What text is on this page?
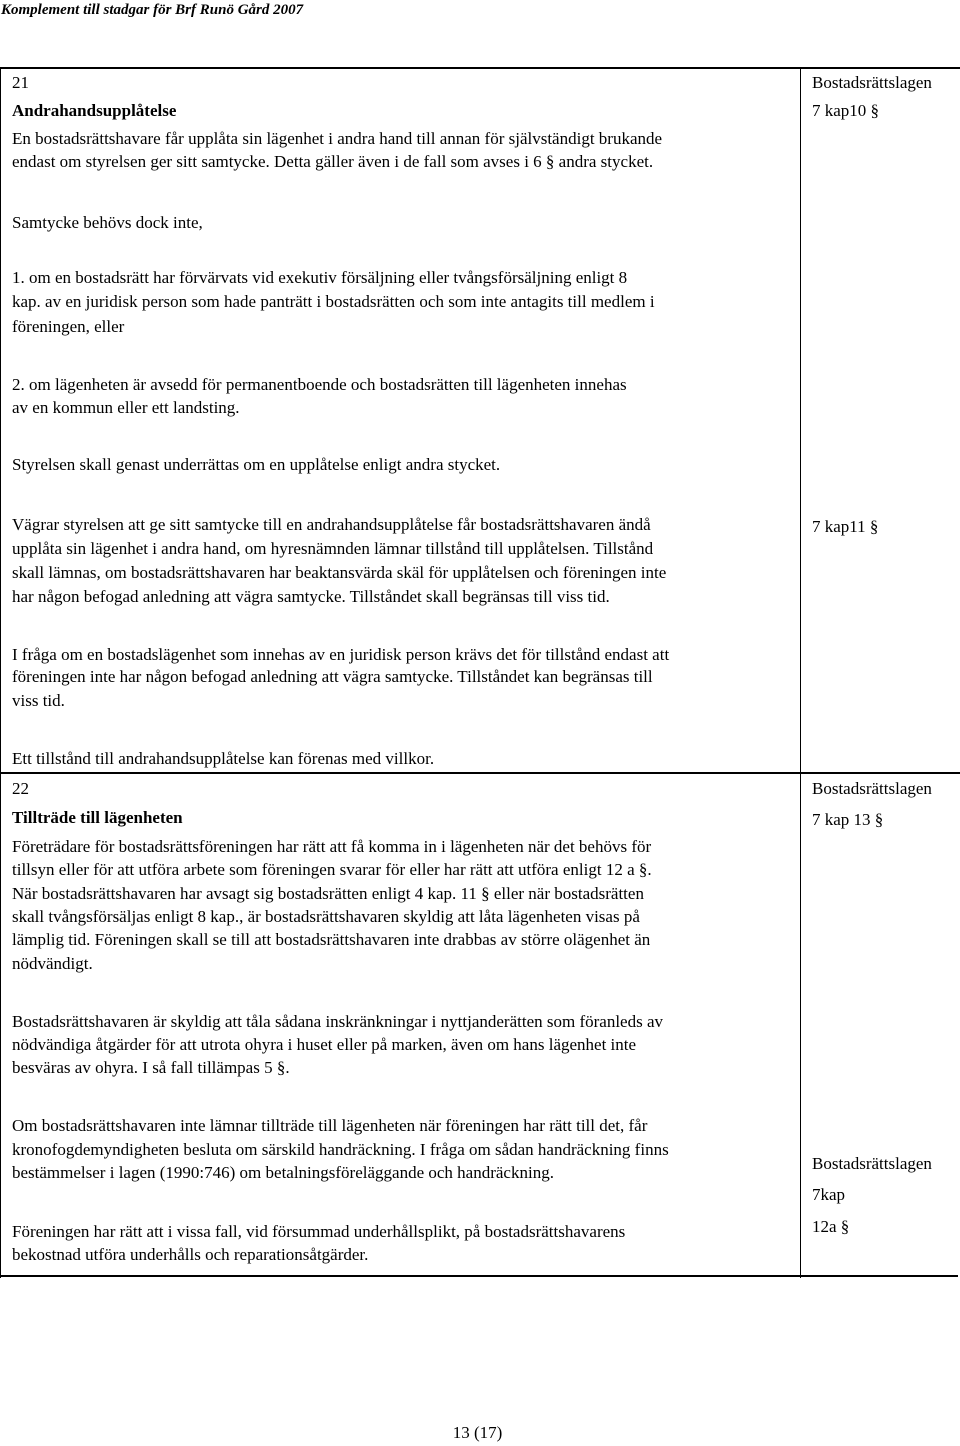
Komplement till stadgar för Brf Runö Gård 2007
21
Andrahandsupplåtelse
Bostadsrättslagen
7 kap10 §
7 kap11 §
En bostadsrättshavare får upplåta sin lägenhet i andra hand till annan för självständigt brukande
endast om styrelsen ger sitt samtycke. Detta gäller även i de fall som avses i 6 § andra stycket.
Samtycke behövs dock inte,
1. om en bostadsrätt har förvärvats vid exekutiv försäljning eller tvångsförsäljning enligt 8
kap. av en juridisk person som hade panträtt i bostadsrätten och som inte antagits till medlem i
föreningen, eller
2. om lägenheten är avsedd för permanentboende och bostadsrätten till lägenheten innehas
av en kommun eller ett landsting.
Styrelsen skall genast underrättas om en upplåtelse enligt andra stycket.
Vägrar styrelsen att ge sitt samtycke till en andrahandsupplåtelse får bostadsrättshavaren ändå
upplåta sin lägenhet i andra hand, om hyresnämnden lämnar tillstånd till upplåtelsen. Tillstånd
skall lämnas, om bostadsrättshavaren har beaktansvärda skäl för upplåtelsen och föreningen inte
har någon befogad anledning att vägra samtycke. Tillståndet skall begränsas till viss tid.
I fråga om en bostadslägenhet som innehas av en juridisk person krävs det för tillstånd endast att
föreningen inte har någon befogad anledning att vägra samtycke. Tillståndet kan begränsas till
viss tid.
Ett tillstånd till andrahandsupplåtelse kan förenas med villkor.
22
Tillträde till lägenheten
Bostadsrättslagen
7 kap 13 §
Bostadsrättslagen
7kap
12a §
Företrädare för bostadsrättsföreningen har rätt att få komma in i lägenheten när det behövs för
tillsyn eller för att utföra arbete som föreningen svarar för eller har rätt att utföra enligt 12 a §.
När bostadsrättshavaren har avsagt sig bostadsrätten enligt 4 kap. 11 § eller när bostadsrätten
skall tvångsförsäljas enligt 8 kap., är bostadsrättshavaren skyldig att låta lägenheten visas på
lämplig tid. Föreningen skall se till att bostadsrättshavaren inte drabbas av större olägenhet än
nödvändigt.
Bostadsrättshavaren är skyldig att tåla sådana inskränkningar i nyttjanderätten som föranleds av
nödvändiga åtgärder för att utrota ohyra i huset eller på marken, även om hans lägenhet inte
besväras av ohyra. I så fall tillämpas 5 §.
Om bostadsrättshavaren inte lämnar tillträde till lägenheten när föreningen har rätt till det, får
kronofogdemyndigheten besluta om särskild handräckning. I fråga om sådan handräckning finns
bestämmelser i lagen (1990:746) om betalningsföreläggande och handräckning.
Föreningen har rätt att i vissa fall, vid försummad underhållsplikt, på bostadsrättshavarens
bekostnad utföra underhålls och reparationsåtgärder.
13 (17)
